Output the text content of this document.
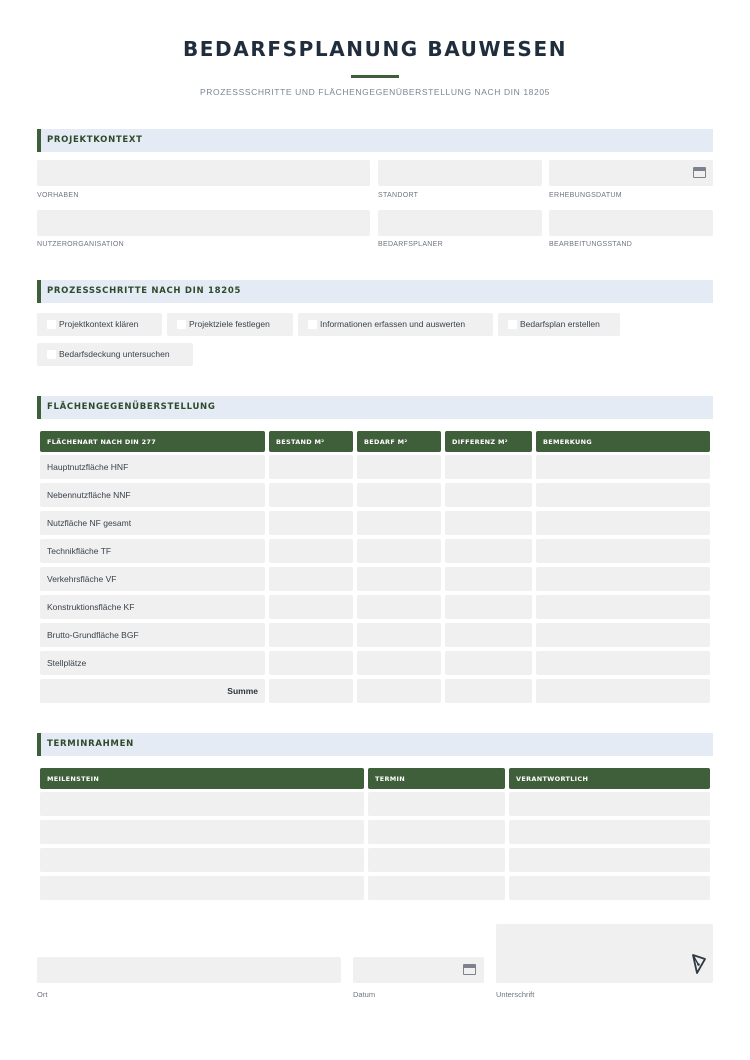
BEDARFSPLANUNG BAUWESEN
PROZESSSCHRITTE UND FLÄCHENGEGENÜBERSTELLUNG NACH DIN 18205
PROJEKTKONTEXT
VORHABEN	STANDORT	ERHEBUNGSDATUM
NUTZERORGANISATION	BEDARFSPLANER	BEARBEITUNGSSTAND
PROZESSSCHRITTE NACH DIN 18205
Projektkontext klären	Projektziele festlegen	Informationen erfassen und auswerten	Bedarfsplan erstellen
Bedarfsdeckung untersuchen
FLÄCHENGEGENÜBERSTELLUNG
FLÄCHENART NACH DIN 277	BESTAND M²	BEDARF M²	DIFFERENZ M²	BEMERKUNG
Hauptnutzfläche HNF
Nebennutzfläche NNF
Nutzfläche NF gesamt
Technikfläche TF
Verkehrsfläche VF
Konstruktionsfläche KF
Brutto-Grundfläche BGF
Stellplätze
Summe
TERMINRAHMEN
MEILENSTEIN	TERMIN	VERANTWORTLICH
Ort	Datum	Unterschrift
